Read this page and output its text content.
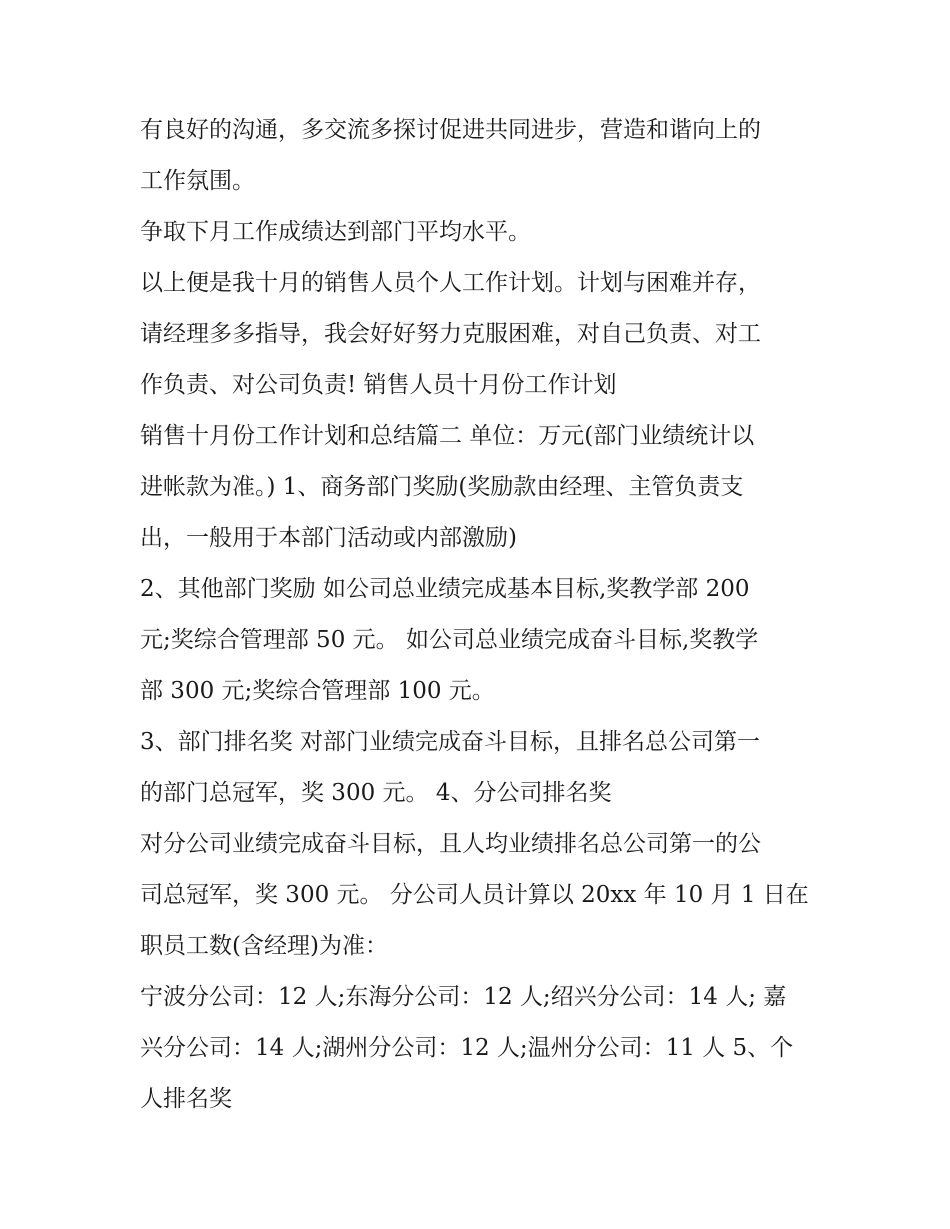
有良好的沟通，多交流多探讨促进共同进步，营造和谐向上的
工作氛围。
争取下月工作成绩达到部门平均水平。
以上便是我十月的销售人员个人工作计划。计划与困难并存，
请经理多多指导，我会好好努力克服困难，对自己负责、对工
作负责、对公司负责! 销售人员十月份工作计划
销售十月份工作计划和总结篇二 单位：万元(部门业绩统计以
进帐款为准。) 1、商务部门奖励(奖励款由经理、主管负责支
出，一般用于本部门活动或内部激励)
2、其他部门奖励 如公司总业绩完成基本目标,奖教学部 200
元;奖综合管理部 50 元。 如公司总业绩完成奋斗目标,奖教学
部 300 元;奖综合管理部 100 元。
3、部门排名奖 对部门业绩完成奋斗目标，且排名总公司第一
的部门总冠军，奖 300 元。 4、分公司排名奖
对分公司业绩完成奋斗目标，且人均业绩排名总公司第一的公
司总冠军，奖 300 元。 分公司人员计算以 20xx 年 10 月 1 日在
职员工数(含经理)为准：
宁波分公司：12 人;东海分公司：12 人;绍兴分公司：14 人; 嘉
兴分公司：14 人;湖州分公司：12 人;温州分公司：11 人 5、个
人排名奖
